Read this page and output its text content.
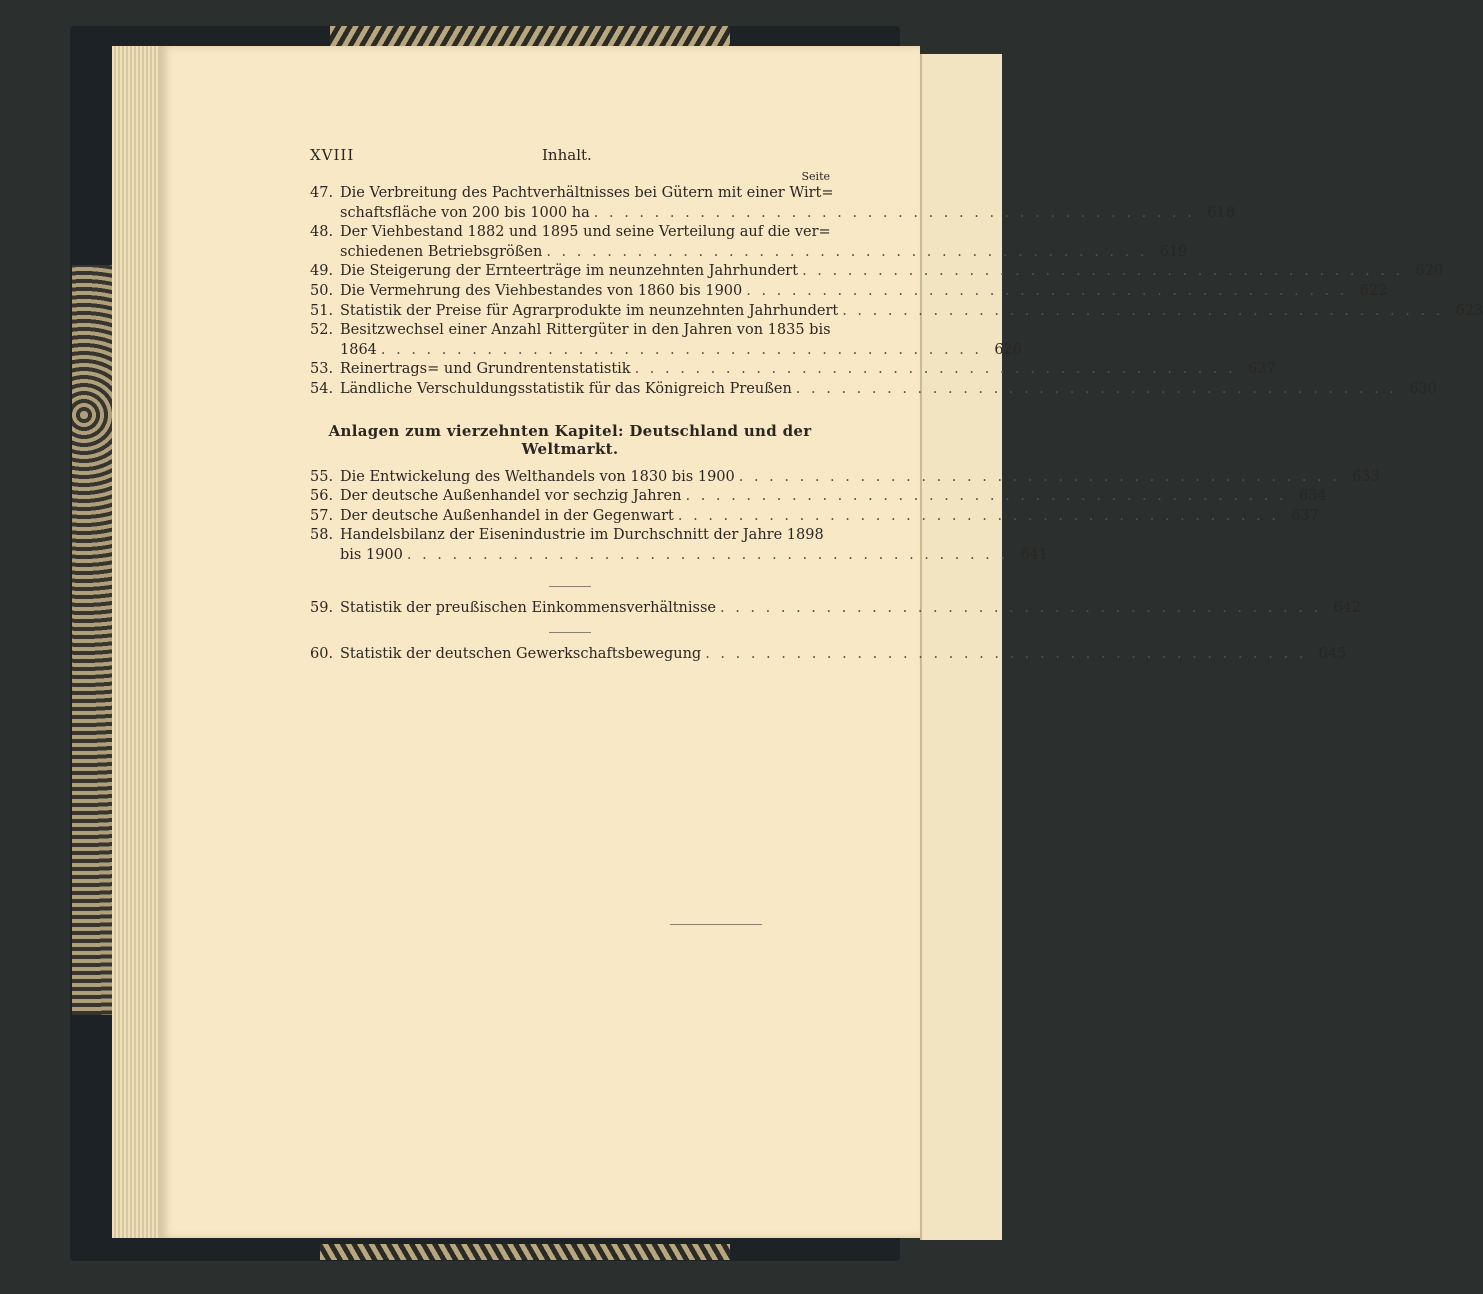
XVIII	Inhalt.
Seite
47. Die Verbreitung des Pachtverhältnisses bei Gütern mit einer Wirt=
schaftsfläche von 200 bis 1000 ha . . . . . . . . . . . . . . . . . . . . . . . . . . . . . . . . . . . . . . . . 618
48. Der Viehbestand 1882 und 1895 und seine Verteilung auf die ver=
schiedenen Betriebsgrößen . . . . . . . . . . . . . . . . . . . . . . . . . . . . . . . . . . . . . . . . 619
49. Die Steigerung der Ernteerträge im neunzehnten Jahrhundert . . . . . . . . . . . . . . . . . . . . . . . . . . . . . . . . . . . . . . . . 620
50. Die Vermehrung des Viehbestandes von 1860 bis 1900 . . . . . . . . . . . . . . . . . . . . . . . . . . . . . . . . . . . . . . . . 622
51. Statistik der Preise für Agrarprodukte im neunzehnten Jahrhundert . . . . . . . . . . . . . . . . . . . . . . . . . . . . . . . . . . . . . . . . 623
52. Besitzwechsel einer Anzahl Rittergüter in den Jahren von 1835 bis
1864 . . . . . . . . . . . . . . . . . . . . . . . . . . . . . . . . . . . . . . . . 626
53. Reinertrags= und Grundrentenstatistik . . . . . . . . . . . . . . . . . . . . . . . . . . . . . . . . . . . . . . . . 627
54. Ländliche Verschuldungsstatistik für das Königreich Preußen . . . . . . . . . . . . . . . . . . . . . . . . . . . . . . . . . . . . . . . . 630
Anlagen zum vierzehnten Kapitel: Deutschland und der Weltmarkt.
55. Die Entwickelung des Welthandels von 1830 bis 1900 . . . . . . . . . . . . . . . . . . . . . . . . . . . . . . . . . . . . . . . . 633
56. Der deutsche Außenhandel vor sechzig Jahren . . . . . . . . . . . . . . . . . . . . . . . . . . . . . . . . . . . . . . . . 634
57. Der deutsche Außenhandel in der Gegenwart . . . . . . . . . . . . . . . . . . . . . . . . . . . . . . . . . . . . . . . . 637
58. Handelsbilanz der Eisenindustrie im Durchschnitt der Jahre 1898
bis 1900 . . . . . . . . . . . . . . . . . . . . . . . . . . . . . . . . . . . . . . . . 641
59. Statistik der preußischen Einkommensverhältnisse . . . . . . . . . . . . . . . . . . . . . . . . . . . . . . . . . . . . . . . . 642
60. Statistik der deutschen Gewerkschaftsbewegung . . . . . . . . . . . . . . . . . . . . . . . . . . . . . . . . . . . . . . . . 645
